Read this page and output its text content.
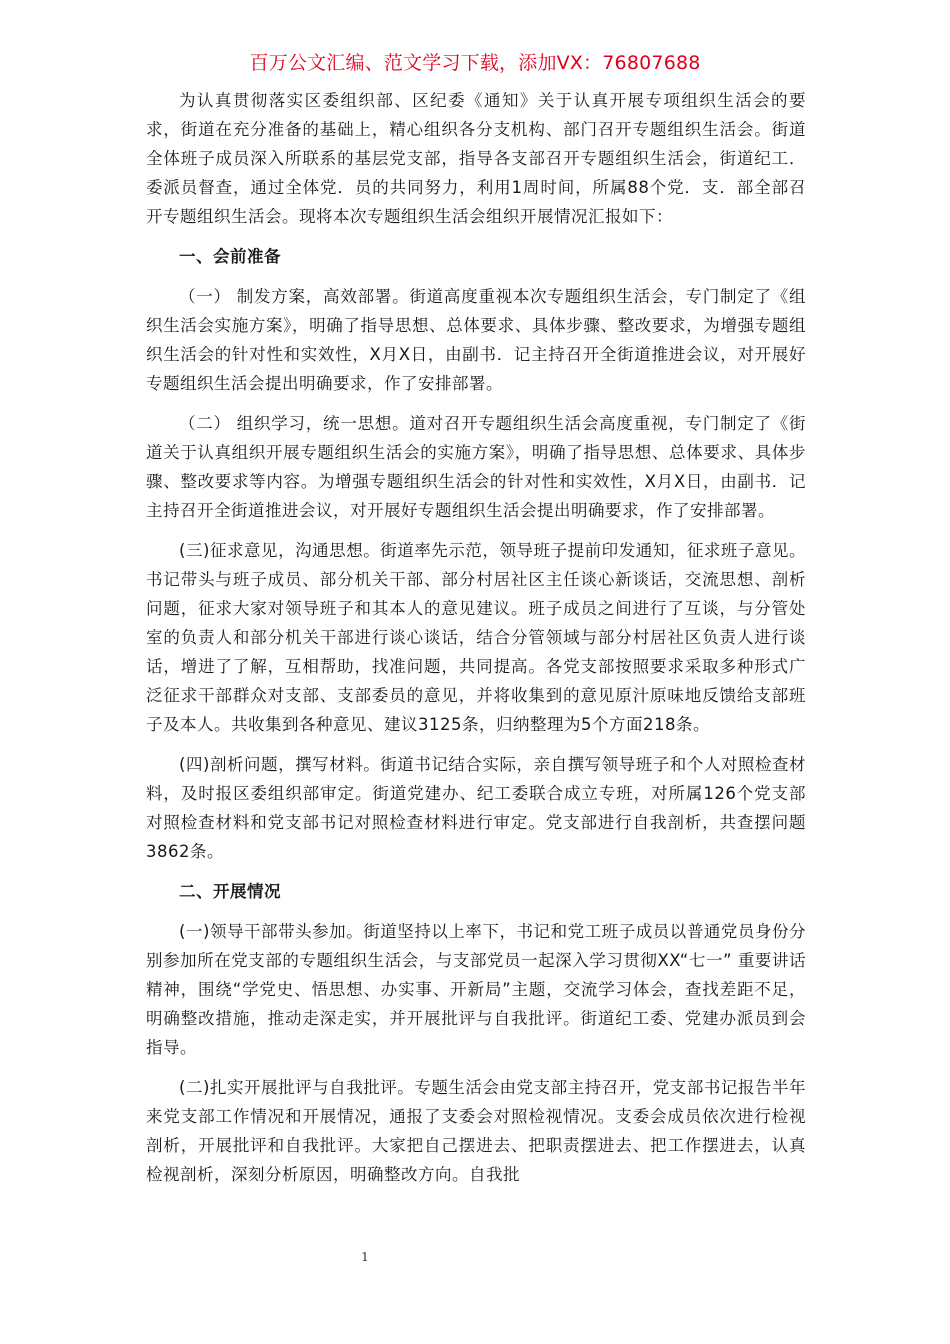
百万公文汇编、范文学习下载，添加VX：76807688

为认真贯彻落实区委组织部、区纪委《通知》关于认真开展专项组织生活会的要求，街道在充分准备的基础上，精心组织各分支机构、部门召开专题组织生活会。街道全体班子成员深入所联系的基层党支部，指导各支部召开专题组织生活会，街道纪工．委派员督查，通过全体党．员的共同努力，利用1周时间，所属88个党．支．部全部召开专题组织生活会。现将本次专题组织生活会组织开展情况汇报如下：

一、会前准备

（一） 制发方案，高效部署。街道高度重视本次专题组织生活会，专门制定了《组织生活会实施方案》，明确了指导思想、总体要求、具体步骤、整改要求，为增强专题组织生活会的针对性和实效性，X月X日，由副书．记主持召开全街道推进会议，对开展好专题组织生活会提出明确要求，作了安排部署。

（二） 组织学习，统一思想。道对召开专题组织生活会高度重视，专门制定了《街道关于认真组织开展专题组织生活会的实施方案》，明确了指导思想、总体要求、具体步骤、整改要求等内容。为增强专题组织生活会的针对性和实效性，X月X日，由副书．记主持召开全街道推进会议，对开展好专题组织生活会提出明确要求，作了安排部署。

(三)征求意见，沟通思想。街道率先示范，领导班子提前印发通知，征求班子意见。书记带头与班子成员、部分机关干部、部分村居社区主任谈心新谈话，交流思想、剖析问题，征求大家对领导班子和其本人的意见建议。班子成员之间进行了互谈，与分管处室的负责人和部分机关干部进行谈心谈话，结合分管领域与部分村居社区负责人进行谈话，增进了了解，互相帮助，找准问题，共同提高。各党支部按照要求采取多种形式广泛征求干部群众对支部、支部委员的意见，并将收集到的意见原汁原味地反馈给支部班子及本人。共收集到各种意见、建议3125条，归纳整理为5个方面218条。

(四)剖析问题，撰写材料。街道书记结合实际，亲自撰写领导班子和个人对照检查材料，及时报区委组织部审定。街道党建办、纪工委联合成立专班，对所属126个党支部对照检查材料和党支部书记对照检查材料进行审定。党支部进行自我剖析，共查摆问题3862条。

二、开展情况

(一)领导干部带头参加。街道坚持以上率下，书记和党工班子成员以普通党员身份分别参加所在党支部的专题组织生活会，与支部党员一起深入学习贯彻XX“七一” 重要讲话精神，围绕“学党史、悟思想、办实事、开新局”主题，交流学习体会，查找差距不足，明确整改措施，推动走深走实，并开展批评与自我批评。街道纪工委、党建办派员到会指导。

(二)扎实开展批评与自我批评。专题生活会由党支部主持召开，党支部书记报告半年来党支部工作情况和开展情况，通报了支委会对照检视情况。支委会成员依次进行检视剖析，开展批评和自我批评。大家把自己摆进去、把职责摆进去、把工作摆进去，认真检视剖析，深刻分析原因，明确整改方向。自我批

1
